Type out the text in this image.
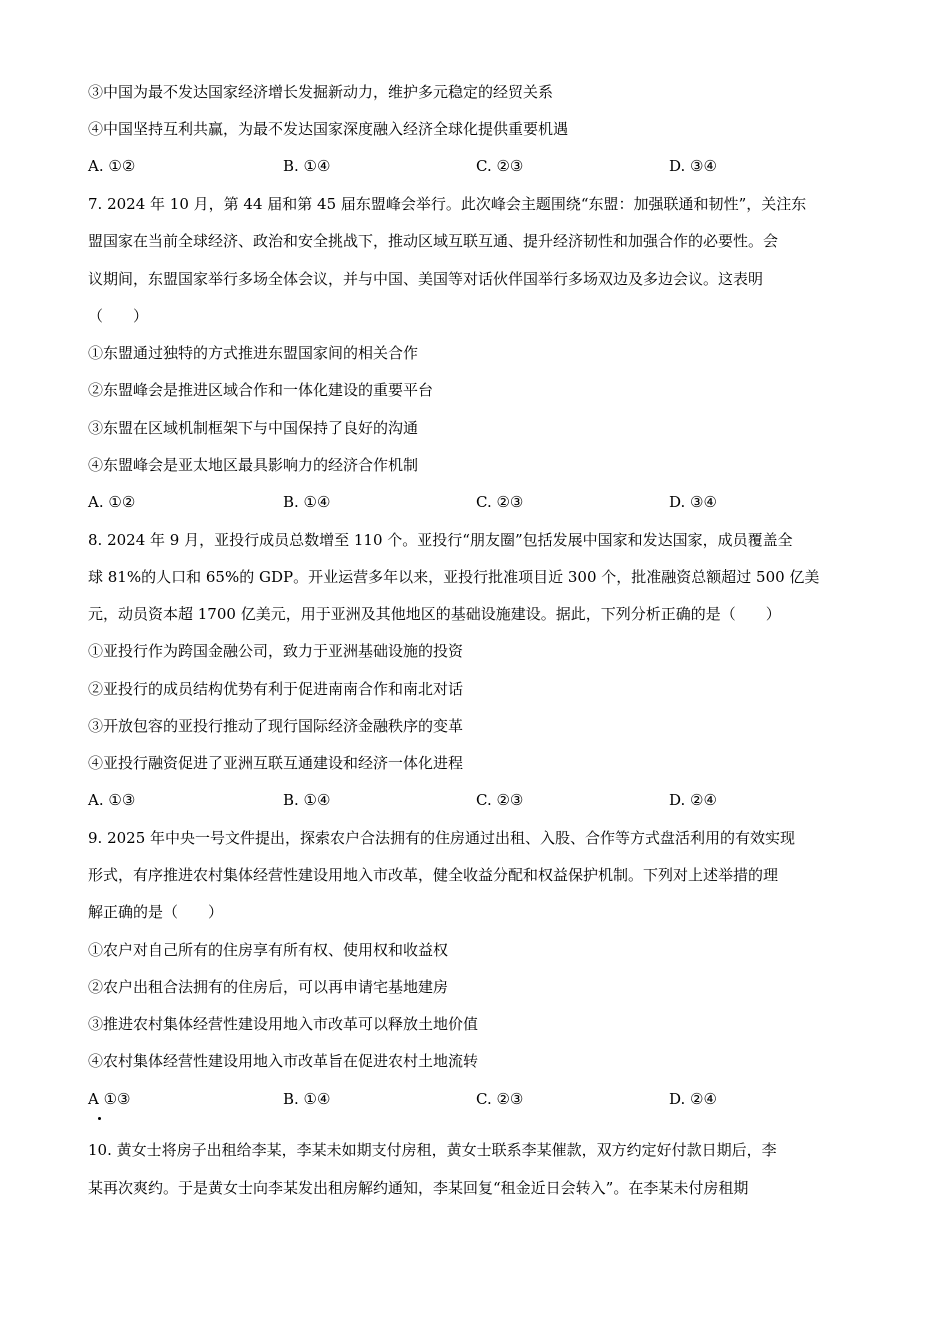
③中国为最不发达国家经济增长发掘新动力，维护多元稳定的经贸关系
④中国坚持互利共赢，为最不发达国家深度融入经济全球化提供重要机遇
A. ①②	B. ①④	C. ②③	D. ③④
7. 2024 年 10 月，第 44 届和第 45 届东盟峰会举行。此次峰会主题围绕“东盟：加强联通和韧性”，关注东
盟国家在当前全球经济、政治和安全挑战下，推动区域互联互通、提升经济韧性和加强合作的必要性。会
议期间，东盟国家举行多场全体会议，并与中国、美国等对话伙伴国举行多场双边及多边会议。这表明
（　　）
①东盟通过独特的方式推进东盟国家间的相关合作
②东盟峰会是推进区域合作和一体化建设的重要平台
③东盟在区域机制框架下与中国保持了良好的沟通
④东盟峰会是亚太地区最具影响力的经济合作机制
A. ①②	B. ①④	C. ②③	D. ③④
8. 2024 年 9 月，亚投行成员总数增至 110 个。亚投行“朋友圈”包括发展中国家和发达国家，成员覆盖全
球 81%的人口和 65%的 GDP。开业运营多年以来，亚投行批准项目近 300 个，批准融资总额超过 500 亿美
元，动员资本超 1700 亿美元，用于亚洲及其他地区的基础设施建设。据此，下列分析正确的是（　　）
①亚投行作为跨国金融公司，致力于亚洲基础设施的投资
②亚投行的成员结构优势有利于促进南南合作和南北对话
③开放包容的亚投行推动了现行国际经济金融秩序的变革
④亚投行融资促进了亚洲互联互通建设和经济一体化进程
A. ①③	B. ①④	C. ②③	D. ②④
9. 2025 年中央一号文件提出，探索农户合法拥有的住房通过出租、入股、合作等方式盘活利用的有效实现
形式，有序推进农村集体经营性建设用地入市改革，健全收益分配和权益保护机制。下列对上述举措的理
解正确的是（　　）
①农户对自己所有的住房享有所有权、使用权和收益权
②农户出租合法拥有的住房后，可以再申请宅基地建房
③推进农村集体经营性建设用地入市改革可以释放土地价值
④农村集体经营性建设用地入市改革旨在促进农村土地流转
A ①③	B. ①④	C. ②③	D. ②④
10. 黄女士将房子出租给李某，李某未如期支付房租，黄女士联系李某催款，双方约定好付款日期后，李
某再次爽约。于是黄女士向李某发出租房解约通知，李某回复“租金近日会转入”。在李某未付房租期
